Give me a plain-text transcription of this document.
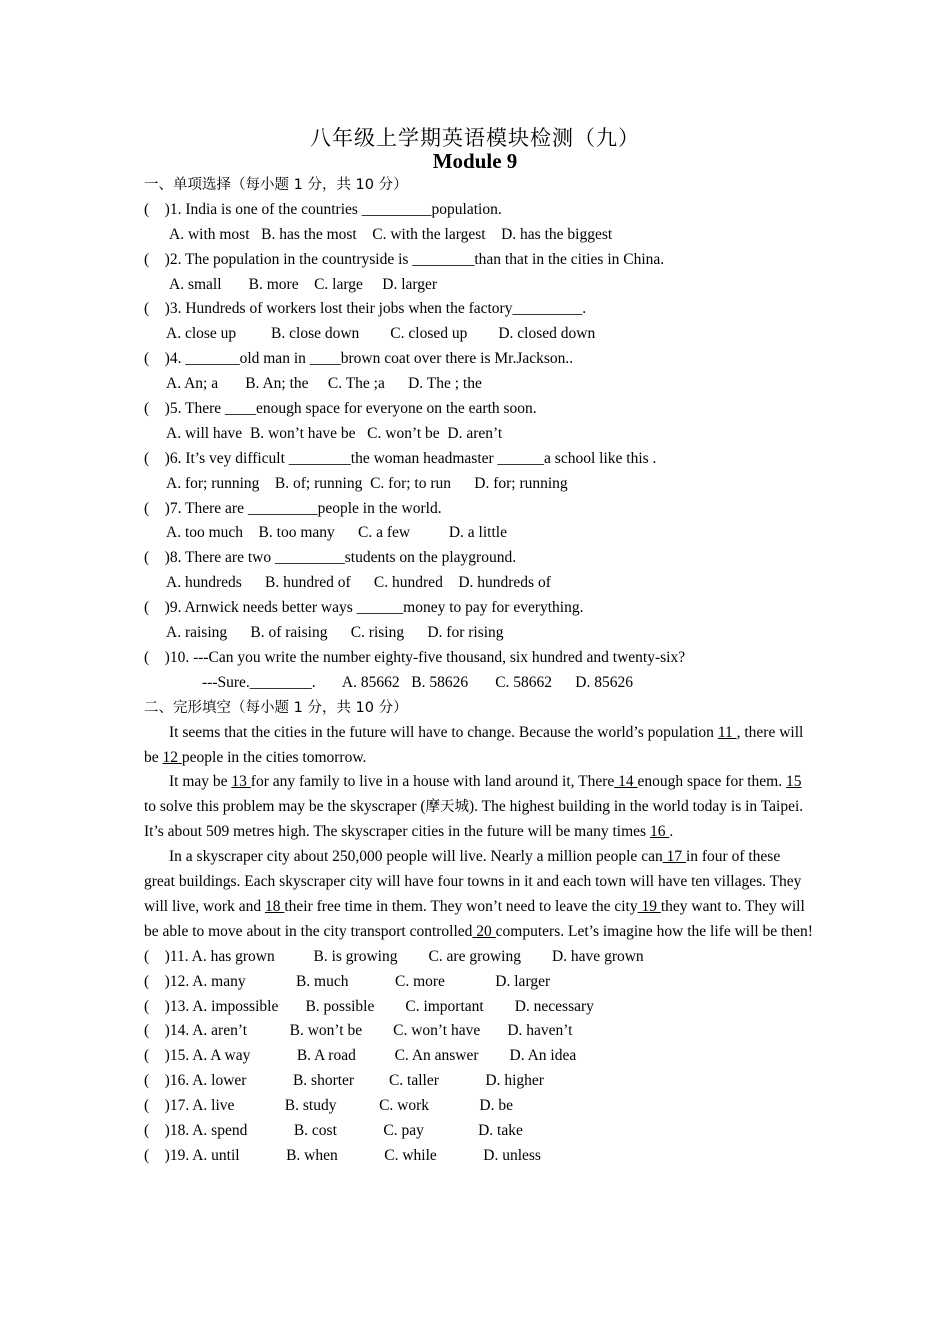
八年级上学期英语模块检测（九）
Module 9
一、单项选择（每小题 1 分，共 10 分）
(    )1. India is one of the countries _________population.
A. with most   B. has the most    C. with the largest    D. has the biggest
(    )2. The population in the countryside is ________than that in the cities in China.
A. small       B. more    C. large     D. larger
(    )3. Hundreds of workers lost their jobs when the factory_________.
A. close up         B. close down        C. closed up        D. closed down
(    )4. _______old man in ____brown coat over there is Mr.Jackson..
A. An; a       B. An; the     C. The ;a      D. The ; the
(    )5. There ____enough space for everyone on the earth soon.
A. will have  B. won’t have be   C. won’t be  D. aren’t
(    )6. It’s vey difficult ________the woman headmaster ______a school like this .
A. for; running    B. of; running  C. for; to run      D. for; running
(    )7. There are _________people in the world.
A. too much    B. too many      C. a few          D. a little
(    )8. There are two _________students on the playground.
A. hundreds      B. hundred of      C. hundred    D. hundreds of
(    )9. Arnwick needs better ways ______money to pay for everything.
A. raising      B. of raising      C. rising      D. for rising
(    )10. ---Can you write the number eighty-five thousand, six hundred and twenty-six?
---Sure.________.       A. 85662   B. 58626       C. 58662      D. 85626
二、完形填空（每小题 1 分，共 10 分）
It seems that the cities in the future will have to change. Because the world’s population 11 , there will be 12 people in the cities tomorrow.
It may be 13 for any family to live in a house with land around it, There 14 enough space for them. 15 to solve this problem may be the skyscraper (摩天城). The highest building in the world today is in Taipei. It’s about 509 metres high. The skyscraper cities in the future will be many times 16 .
In a skyscraper city about 250,000 people will live. Nearly a million people can 17 in four of these great buildings. Each skyscraper city will have four towns in it and each town will have ten villages. They will live, work and 18 their free time in them. They won’t need to leave the city 19 they want to. They will be able to move about in the city transport controlled 20 computers. Let’s imagine how the life will be then!
(    )11. A. has grown          B. is growing        C. are growing        D. have grown
(    )12. A. many             B. much            C. more             D. larger
(    )13. A. impossible       B. possible        C. important        D. necessary
(    )14. A. aren’t           B. won’t be        C. won’t have       D. haven’t
(    )15. A. A way            B. A road          C. An answer        D. An idea
(    )16. A. lower            B. shorter         C. taller            D. higher
(    )17. A. live             B. study           C. work             D. be
(    )18. A. spend            B. cost            C. pay              D. take
(    )19. A. until            B. when            C. while            D. unless
